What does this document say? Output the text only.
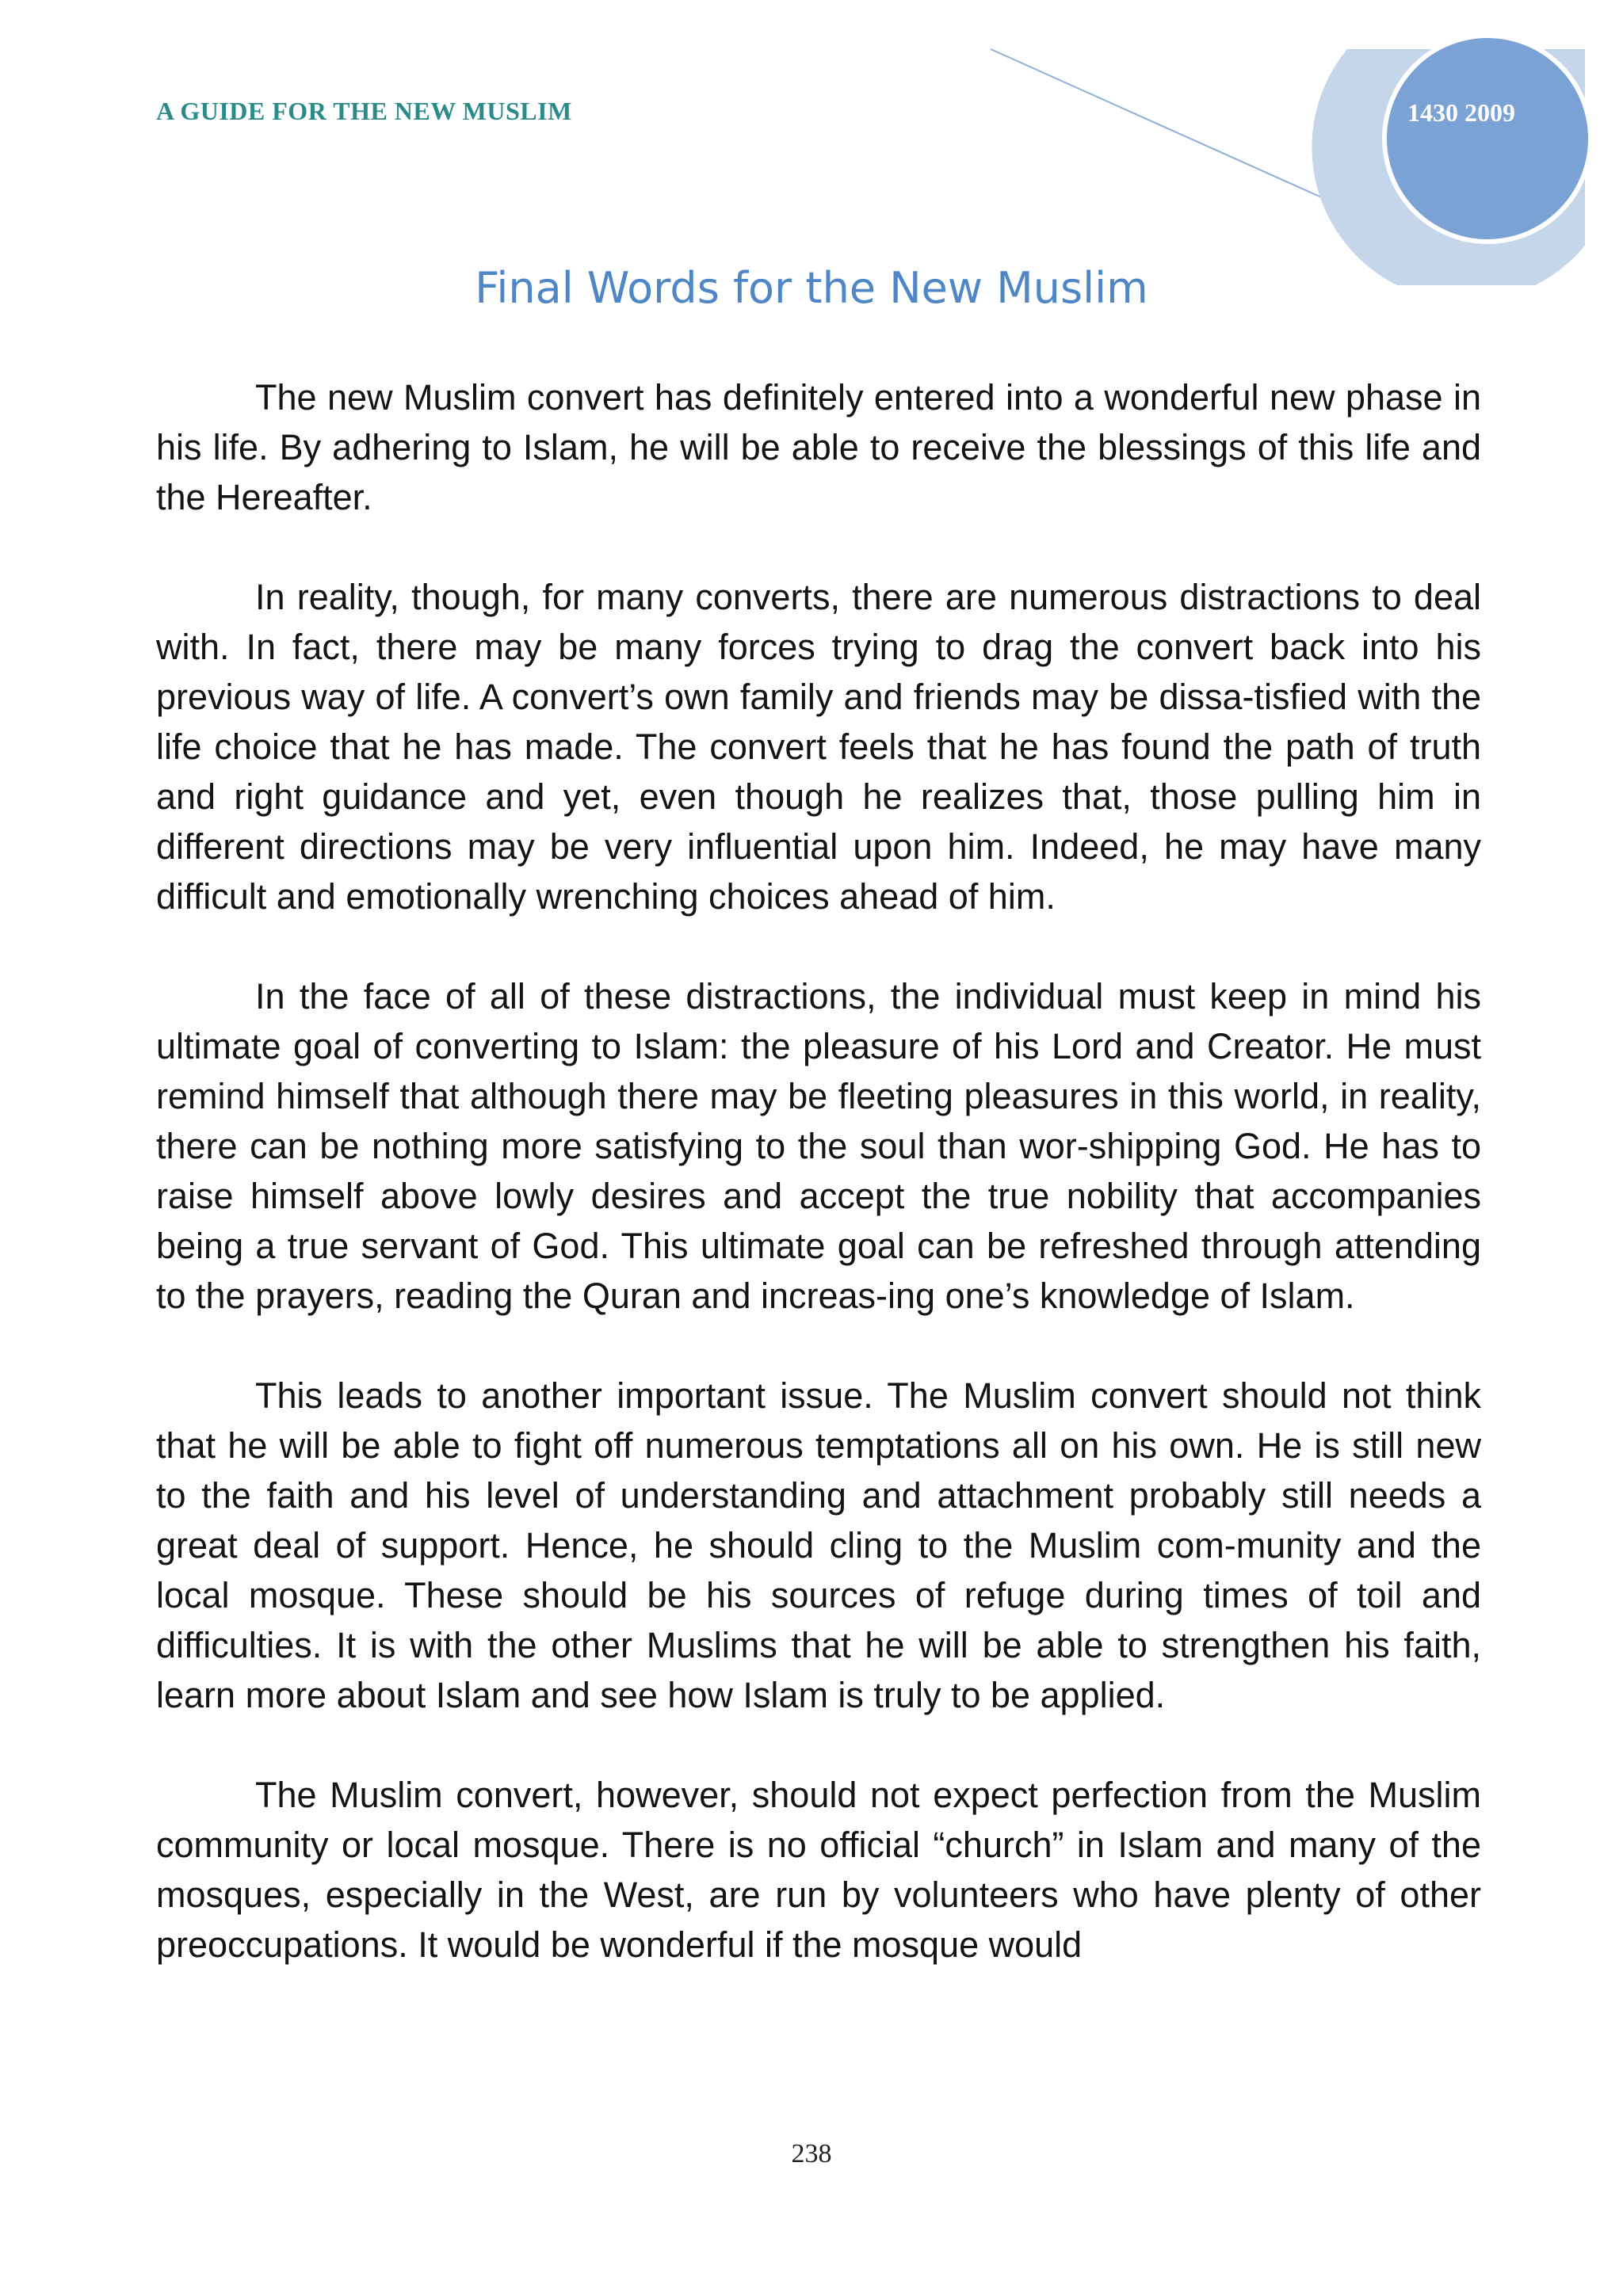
A GUIDE FOR THE NEW MUSLIM	1430 2009
Final Words for the New Muslim

The new Muslim convert has definitely entered into a wonderful new phase in his life. By adhering to Islam, he will be able to receive the blessings of this life and the Hereafter.

In reality, though, for many converts, there are numerous distractions to deal with. In fact, there may be many forces trying to drag the convert back into his previous way of life. A convert’s own family and friends may be dissa-tisfied with the life choice that he has made. The convert feels that he has found the path of truth and right guidance and yet, even though he realizes that, those pulling him in different directions may be very influential upon him. Indeed, he may have many difficult and emotionally wrenching choices ahead of him.

In the face of all of these distractions, the individual must keep in mind his ultimate goal of converting to Islam: the pleasure of his Lord and Creator. He must remind himself that although there may be fleeting pleasures in this world, in reality, there can be nothing more satisfying to the soul than wor-shipping God. He has to raise himself above lowly desires and accept the true nobility that accompanies being a true servant of God. This ultimate goal can be refreshed through attending to the prayers, reading the Quran and increas-ing one’s knowledge of Islam.

This leads to another important issue. The Muslim convert should not think that he will be able to fight off numerous temptations all on his own. He is still new to the faith and his level of understanding and attachment probably still needs a great deal of support. Hence, he should cling to the Muslim com-munity and the local mosque. These should be his sources of refuge during times of toil and difficulties. It is with the other Muslims that he will be able to strengthen his faith, learn more about Islam and see how Islam is truly to be applied.

The Muslim convert, however, should not expect perfection from the Muslim community or local mosque. There is no official “church” in Islam and many of the mosques, especially in the West, are run by volunteers who have plenty of other preoccupations. It would be wonderful if the mosque would

238
